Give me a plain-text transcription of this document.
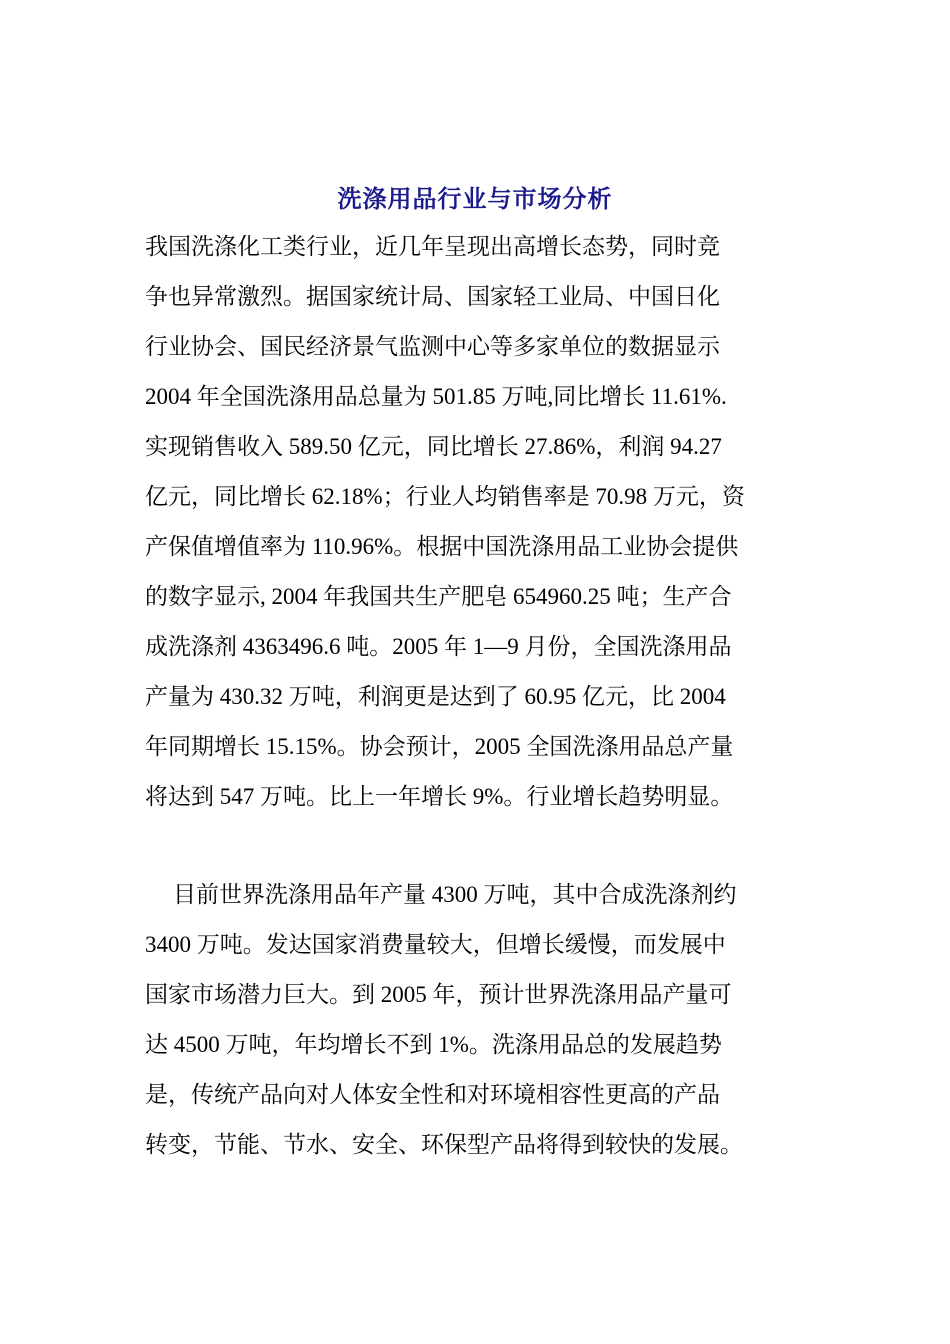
洗涤用品行业与市场分析
我国洗涤化工类行业，近几年呈现出高增长态势，同时竞
争也异常激烈。据国家统计局、国家轻工业局、中国日化
行业协会、国民经济景气监测中心等多家单位的数据显示
2004 年全国洗涤用品总量为 501.85 万吨,同比增长 11.61%.
实现销售收入 589.50 亿元，同比增长 27.86%，利润 94.27
亿元，同比增长 62.18%；行业人均销售率是 70.98 万元，资
产保值增值率为 110.96%。根据中国洗涤用品工业协会提供
的数字显示, 2004 年我国共生产肥皂 654960.25 吨；生产合
成洗涤剂 4363496.6 吨。2005 年 1—9 月份，全国洗涤用品
产量为 430.32 万吨，利润更是达到了 60.95 亿元，比 2004
年同期增长 15.15%。协会预计，2005 全国洗涤用品总产量
将达到 547 万吨。比上一年增长 9%。行业增长趋势明显。
目前世界洗涤用品年产量 4300 万吨，其中合成洗涤剂约
3400 万吨。发达国家消费量较大，但增长缓慢，而发展中
国家市场潜力巨大。到 2005 年，预计世界洗涤用品产量可
达 4500 万吨，年均增长不到 1%。洗涤用品总的发展趋势
是，传统产品向对人体安全性和对环境相容性更高的产品
转变，节能、节水、安全、环保型产品将得到较快的发展。
